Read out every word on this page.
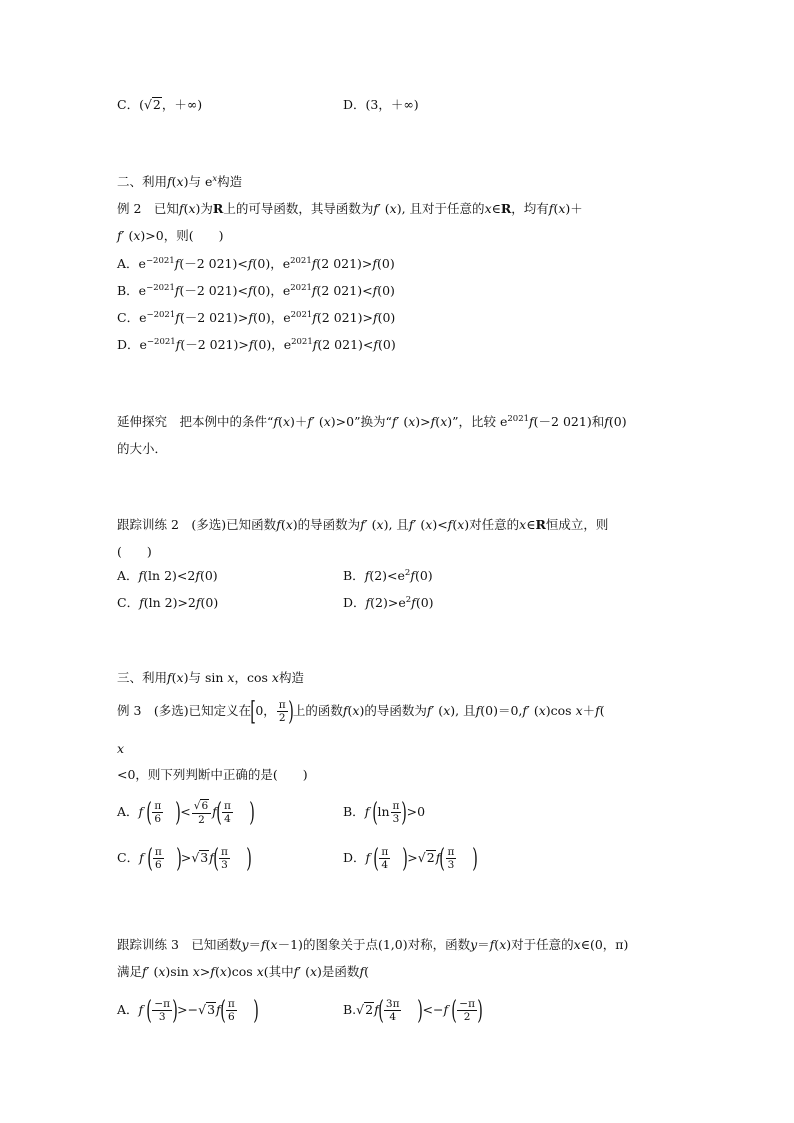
C．(√2，＋∞)	D．(3，＋∞)
二、利用f(x)与 $e^x$构造
例 2　已知f(x)为R上的可导函数，其导函数为f′ (x), 且对于任意的x∈R，均有f(x)＋
f′ (x)>0，则(　　)
A．$e^{-2021}f(-2$ 021)<f(0)，$e^{2021}f(2$ 021)>f(0)
B．$e^{-2021}f(-2$ 021)<f(0)，$e^{2021}f(2$ 021)<f(0)
C．$e^{-2021}f(-2$ 021)>f(0)，$e^{2021}f(2$ 021)>f(0)
D．$e^{-2021}f(-2$ 021)>f(0)，$e^{2021}f(2$ 021)<f(0)
延伸探究　把本例中的条件“f(x)＋f′ (x)>0”换为“f′ (x)>f(x)”，比较 $e^{2021}f(-2$ 021)和f(0)
的大小．
跟踪训练 2　(多选)已知函数f(x)的导函数为f′ (x), 且f′ (x)<f(x)对任意的x∈R恒成立，则
(　　)
A．f(ln 2)<2f(0)	B．$f(2)<e^2f(0)$
C．f(ln 2)>2f(0)	D．$f(2)>e^2f(0)$
三、利用f(x)与 sin x，cos x构造
例 3　(多选)已知定义在[0， $\frac{\pi}{2}$ )上的函数f(x)的导函数为f′ (x), 且f(0)＝0,f′ (x)cos x＋f(
x
<0，则下列判断中正确的是(　　)
A．f ( $\frac{\pi}{6}$ )< $\frac{√6}{2} f( \frac{\pi}{4}$ )	B．f $(\ln \frac{\pi}{3} )>0$
C．f ( $\frac{\pi}{6} )>√3f( \frac{\pi}{3}$ )	D．f ( $\frac{\pi}{4} )>√2f( \frac{\pi}{3}$ )
跟踪训练 3　已知函数y＝f(x－1)的图象关于点(1,0)对称，函数y＝f(x)对于任意的x∈(0，π)
满足f′ (x)sin x>f(x)cos x(其中f′ (x)是函数f(
A．f ( $\frac{-\pi}{3} )>-√3f( \frac{\pi}{6}$ )	$B.√2f( \frac{3\pi}{4} )<-f$ ( $\frac{-\pi}{2}$ )
